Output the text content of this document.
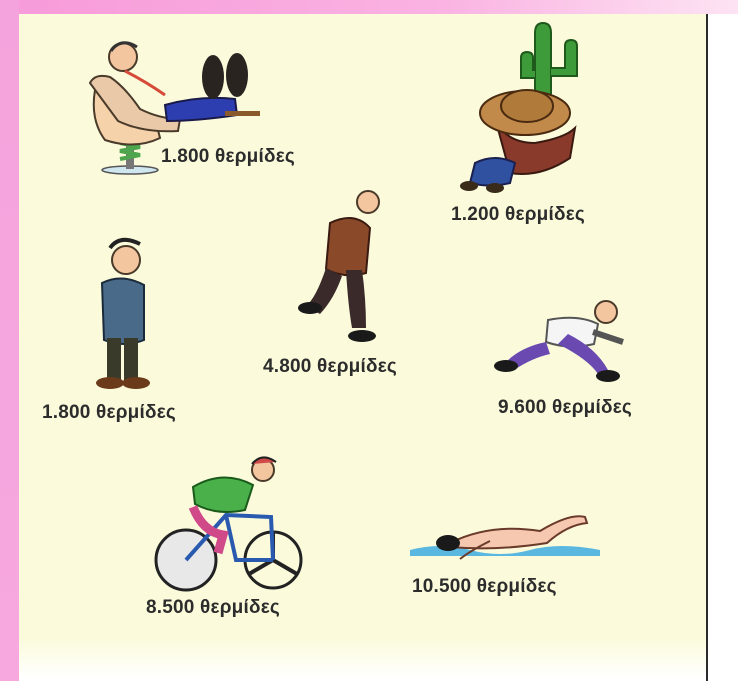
1.800 θερμίδες
1.200 θερμίδες
4.800 θερμίδες
1.800 θερμίδες	9.600 θερμίδες
8.500 θερμίδες
10.500 θερμίδες
